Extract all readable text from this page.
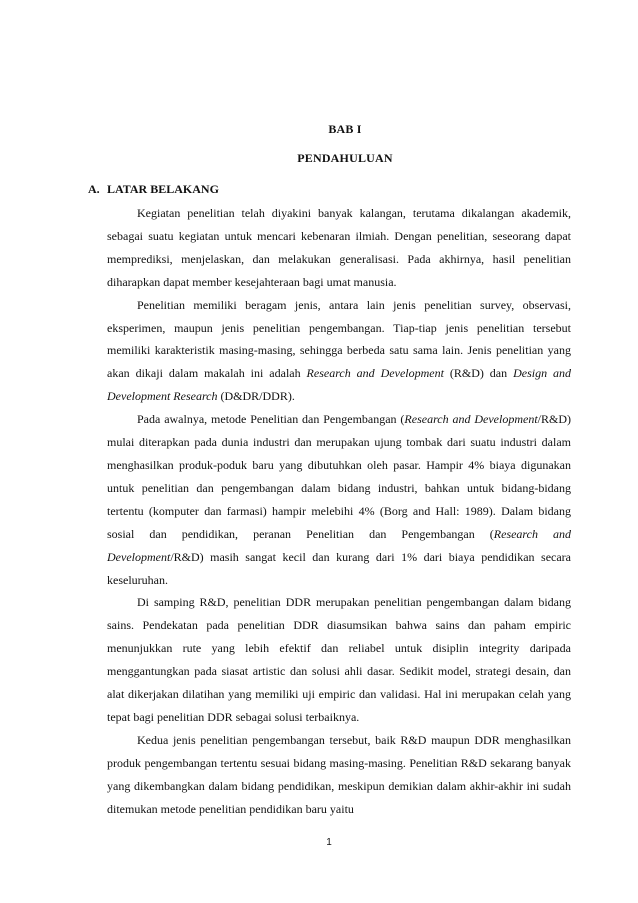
BAB I
PENDAHULUAN
A. LATAR BELAKANG

Kegiatan penelitian telah diyakini banyak kalangan, terutama dikalangan akademik, sebagai suatu kegiatan untuk mencari kebenaran ilmiah. Dengan penelitian, seseorang dapat memprediksi, menjelaskan, dan melakukan generalisasi. Pada akhirnya, hasil penelitian diharapkan dapat member kesejahteraan bagi umat manusia.

Penelitian memiliki beragam jenis, antara lain jenis penelitian survey, observasi, eksperimen, maupun jenis penelitian pengembangan. Tiap-tiap jenis penelitian tersebut memiliki karakteristik masing-masing, sehingga berbeda satu sama lain. Jenis penelitian yang akan dikaji dalam makalah ini adalah Research and Development (R&D) dan Design and Development Research (D&DR/DDR).

Pada awalnya, metode Penelitian dan Pengembangan (Research and Development/R&D) mulai diterapkan pada dunia industri dan merupakan ujung tombak dari suatu industri dalam menghasilkan produk-poduk baru yang dibutuhkan oleh pasar. Hampir 4% biaya digunakan untuk penelitian dan pengembangan dalam bidang industri, bahkan untuk bidang-bidang tertentu (komputer dan farmasi) hampir melebihi 4% (Borg and Hall: 1989). Dalam bidang sosial dan pendidikan, peranan Penelitian dan Pengembangan (Research and Development/R&D) masih sangat kecil dan kurang dari 1% dari biaya pendidikan secara keseluruhan.

Di samping R&D, penelitian DDR merupakan penelitian pengembangan dalam bidang sains. Pendekatan pada penelitian DDR diasumsikan bahwa sains dan paham empiric menunjukkan rute yang lebih efektif dan reliabel untuk disiplin integrity daripada menggantungkan pada siasat artistic dan solusi ahli dasar. Sedikit model, strategi desain, dan alat dikerjakan dilatihan yang memiliki uji empiric dan validasi. Hal ini merupakan celah yang tepat bagi penelitian DDR sebagai solusi terbaiknya.

Kedua jenis penelitian pengembangan tersebut, baik R&D maupun DDR menghasilkan produk pengembangan tertentu sesuai bidang masing-masing. Penelitian R&D sekarang banyak yang dikembangkan dalam bidang pendidikan, meskipun demikian dalam akhir-akhir ini sudah ditemukan metode penelitian pendidikan baru yaitu

1
